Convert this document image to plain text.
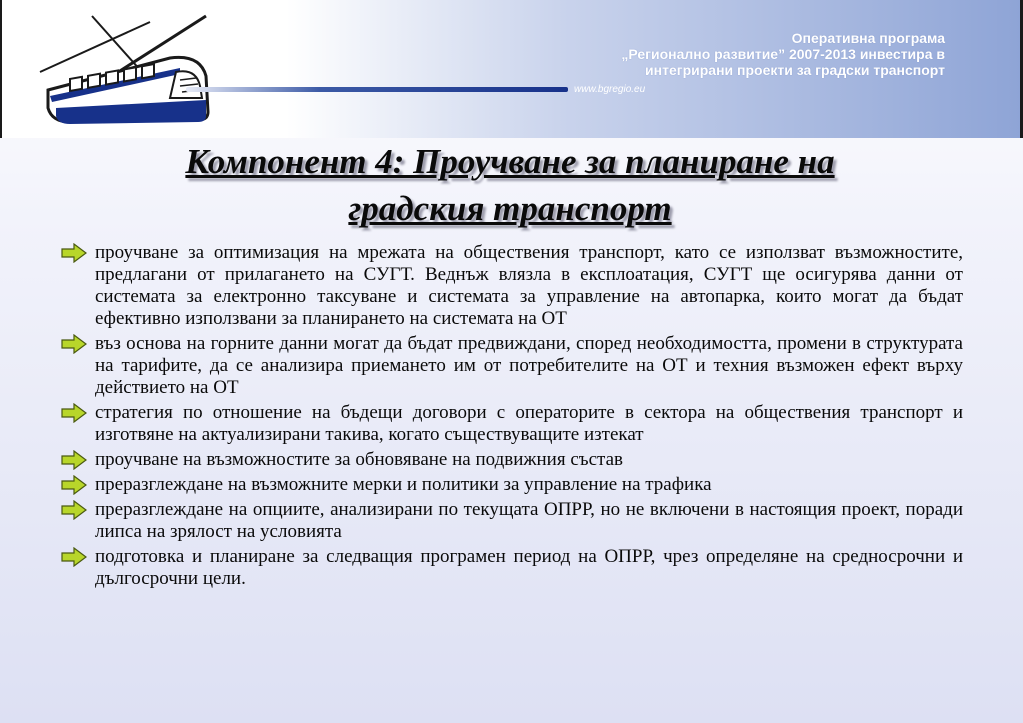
Оперативна програма
„Регионално развитие” 2007-2013 инвестира в
интегрирани проекти за градски транспорт
www.bgregio.eu
Компонент 4: Проучване за планиране на
градския транспорт
проучване за оптимизация на мрежата на обществения транспорт, като се използват възможностите, предлагани от прилагането на СУГТ. Веднъж влязла в експлоатация, СУГТ ще осигурява данни от системата за електронно таксуване и системата за управление на автопарка, които могат да бъдат ефективно използвани за планирането на системата на ОТ
въз основа на горните данни могат да бъдат предвиждани, според необходимостта, промени в структурата на тарифите, да се анализира приемането им от потребителите на ОТ и техния възможен ефект върху действието на ОТ
стратегия по отношение на бъдещи договори с операторите в сектора на обществения транспорт и изготвяне на актуализирани такива, когато съществуващите изтекат
проучване на възможностите за обновяване на подвижния състав
преразглеждане на възможните мерки и политики за управление на трафика
преразглеждане на опциите, анализирани по текущата ОПРР, но не включени в настоящия проект, поради липса на зрялост на условията
подготовка и планиране за следващия програмен период на ОПРР, чрез определяне на средносрочни и дългосрочни цели.
